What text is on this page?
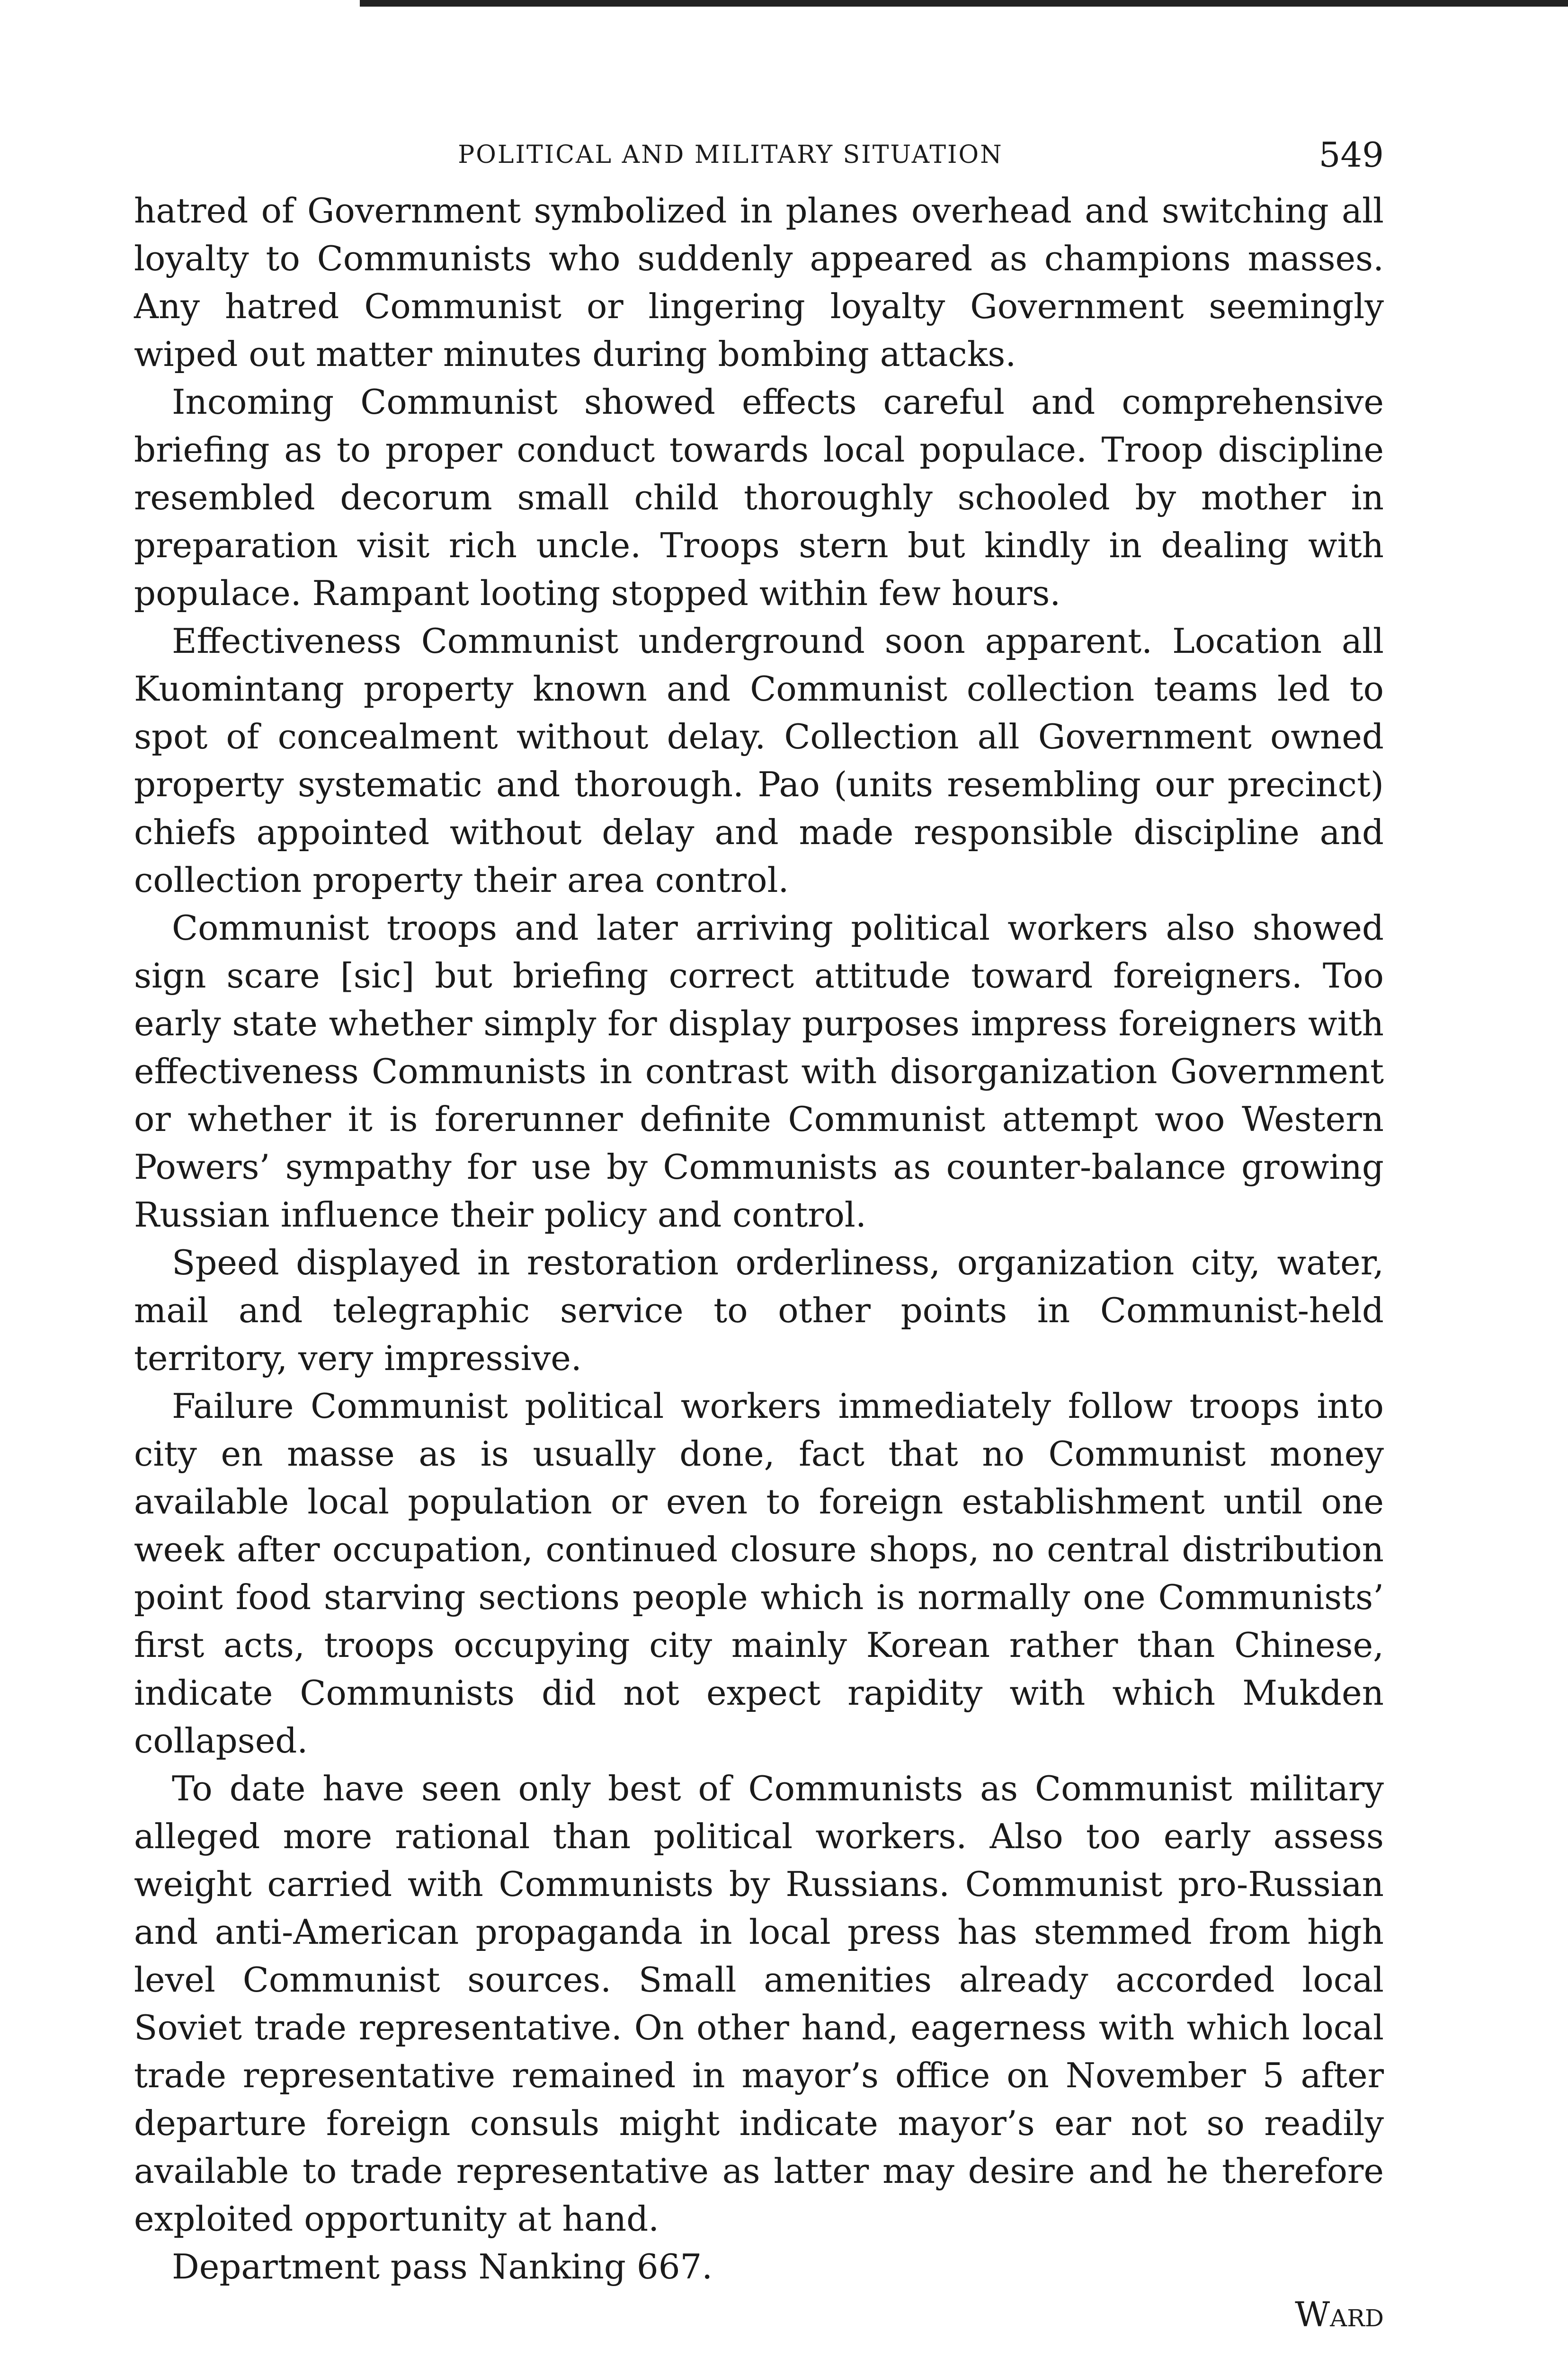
POLITICAL AND MILITARY SITUATION	549

hatred of Government symbolized in planes overhead and switching all loyalty to Communists who suddenly appeared as champions masses. Any hatred Communist or lingering loyalty Government seemingly wiped out matter minutes during bombing attacks.

Incoming Communist showed effects careful and comprehensive briefing as to proper conduct towards local populace. Troop discipline resembled decorum small child thoroughly schooled by mother in preparation visit rich uncle. Troops stern but kindly in dealing with populace. Rampant looting stopped within few hours.

Effectiveness Communist underground soon apparent. Location all Kuomintang property known and Communist collection teams led to spot of concealment without delay. Collection all Government owned property systematic and thorough. Pao (units resembling our precinct) chiefs appointed without delay and made responsible discipline and collection property their area control.

Communist troops and later arriving political workers also showed sign scare [sic] but briefing correct attitude toward foreigners. Too early state whether simply for display purposes impress foreigners with effectiveness Communists in contrast with disorganization Government or whether it is forerunner definite Communist attempt woo Western Powers’ sympathy for use by Communists as counter-balance growing Russian influence their policy and control.

Speed displayed in restoration orderliness, organization city, water, mail and telegraphic service to other points in Communist-held territory, very impressive.

Failure Communist political workers immediately follow troops into city en masse as is usually done, fact that no Communist money available local population or even to foreign establishment until one week after occupation, continued closure shops, no central distribution point food starving sections people which is normally one Communists’ first acts, troops occupying city mainly Korean rather than Chinese, indicate Communists did not expect rapidity with which Mukden collapsed.

To date have seen only best of Communists as Communist military alleged more rational than political workers. Also too early assess weight carried with Communists by Russians. Communist pro-Russian and anti-American propaganda in local press has stemmed from high level Communist sources. Small amenities already accorded local Soviet trade representative. On other hand, eagerness with which local trade representative remained in mayor’s office on November 5 after departure foreign consuls might indicate mayor’s ear not so readily available to trade representative as latter may desire and he therefore exploited opportunity at hand.

Department pass Nanking 667.

Ward
